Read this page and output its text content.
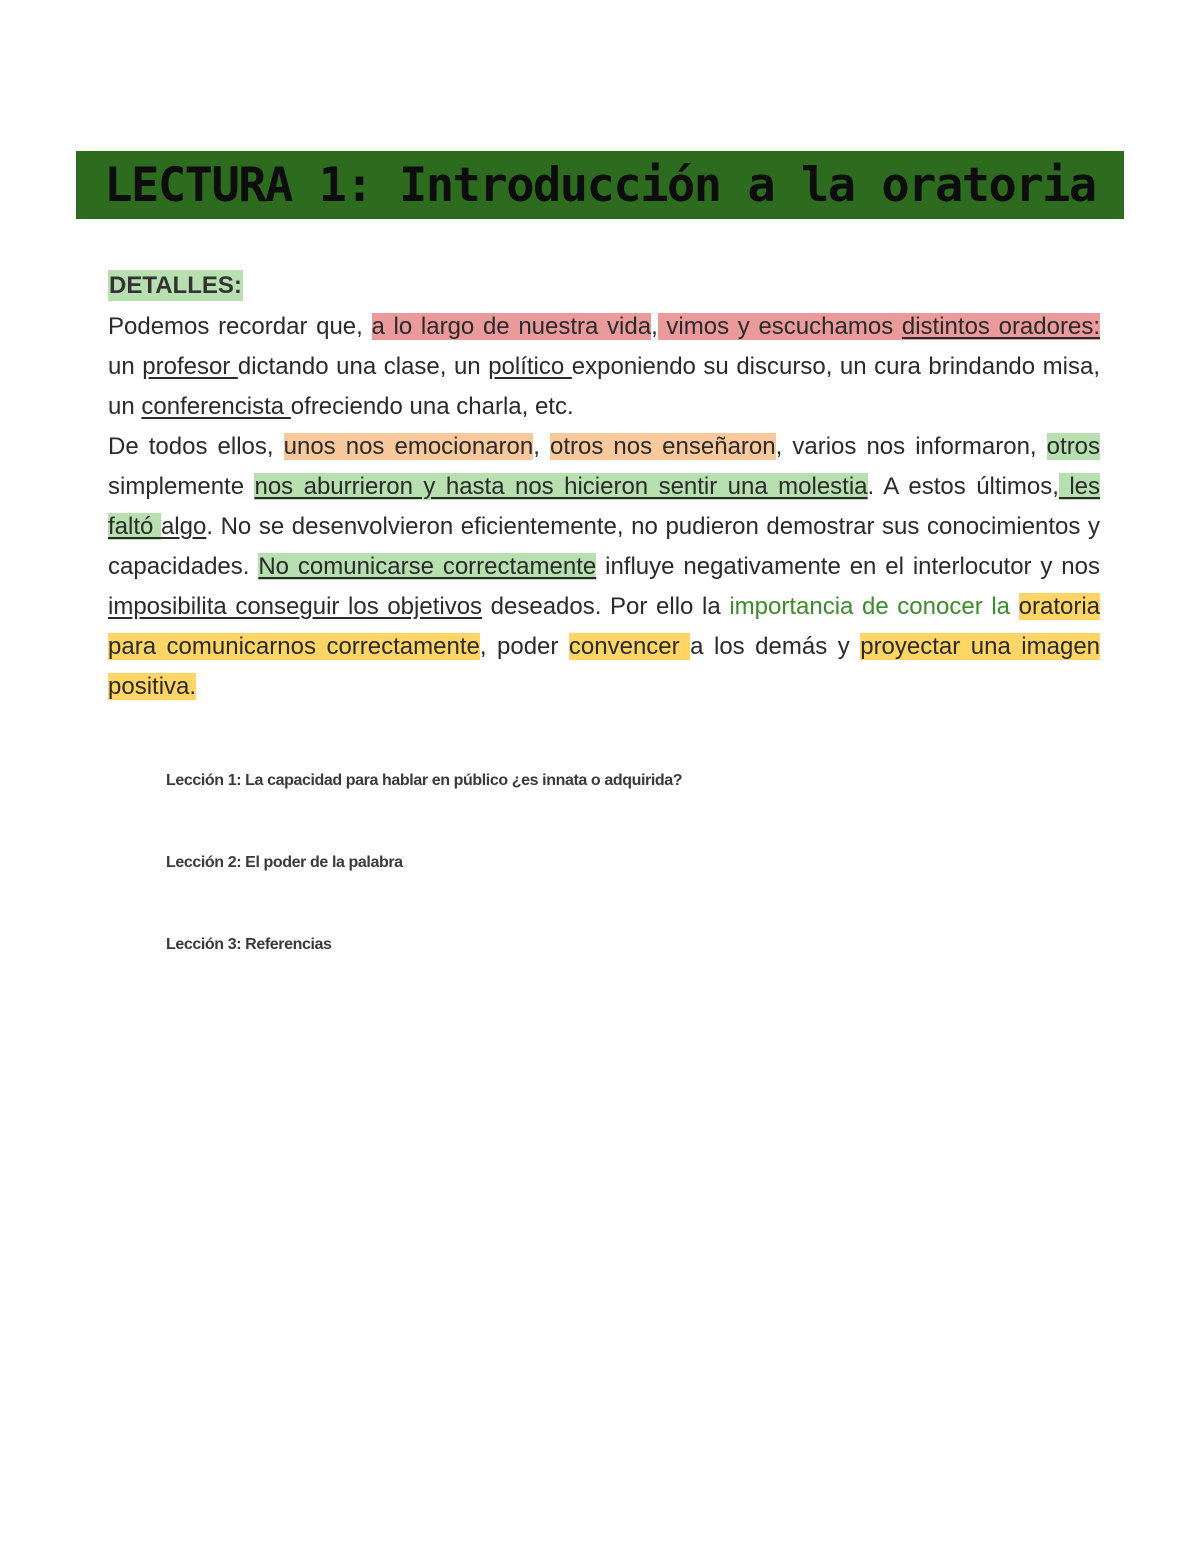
LECTURA 1: Introducción a la oratoria
DETALLES:

Podemos recordar que, a lo largo de nuestra vida, vimos y escuchamos distintos oradores: un profesor dictando una clase, un político exponiendo su discurso, un cura brindando misa, un conferencista ofreciendo una charla, etc.

De todos ellos, unos nos emocionaron, otros nos enseñaron, varios nos informaron, otros simplemente nos aburrieron y hasta nos hicieron sentir una molestia. A estos últimos, les faltó algo. No se desenvolvieron eficientemente, no pudieron demostrar sus conocimientos y capacidades. No comunicarse correctamente influye negativamente en el interlocutor y nos imposibilita conseguir los objetivos deseados. Por ello la importancia de conocer la oratoria para comunicarnos correctamente, poder convencer a los demás y proyectar una imagen positiva.

Lección 1: La capacidad para hablar en público ¿es innata o adquirida?
Lección 2: El poder de la palabra
Lección 3: Referencias
